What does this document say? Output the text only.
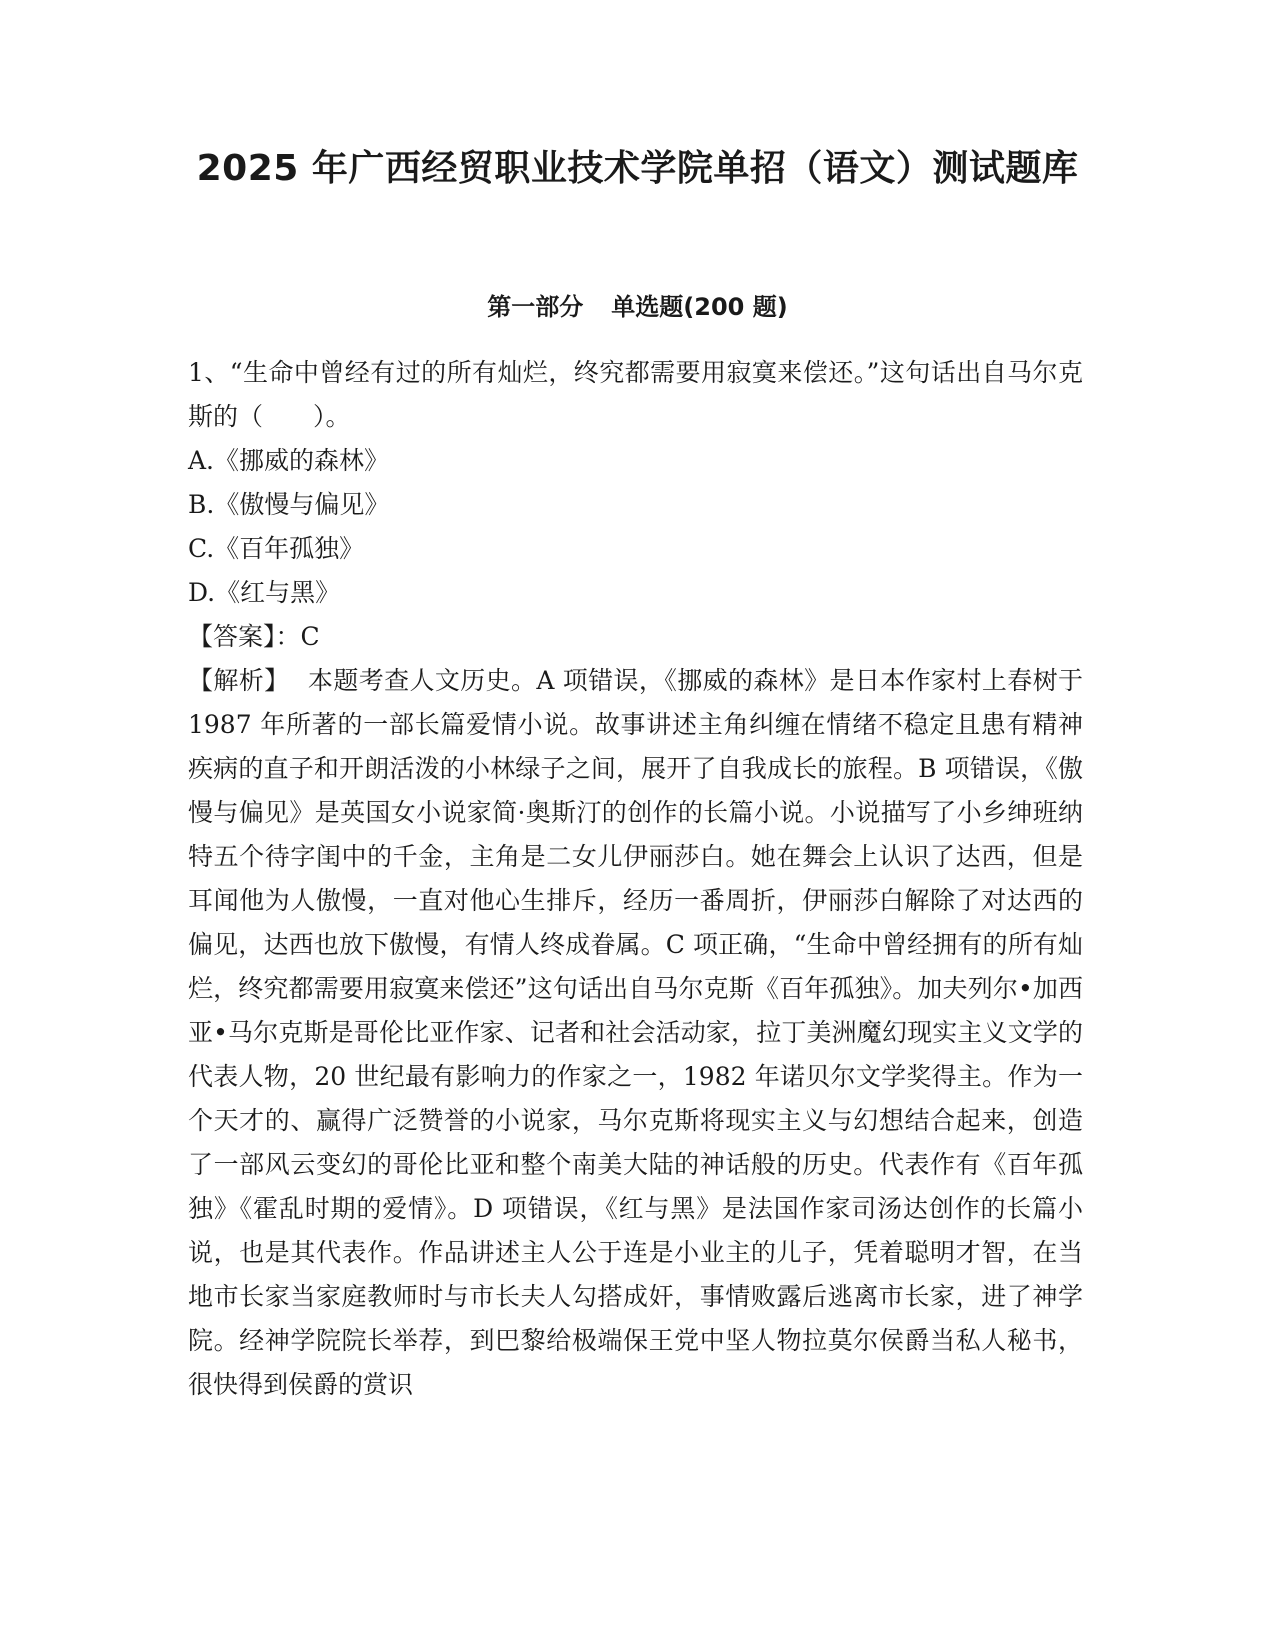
2025 年广西经贸职业技术学院单招（语文）测试题库
第一部分 单选题(200 题)

1、“生命中曾经有过的所有灿烂，终究都需要用寂寞来偿还。”这句话出自马尔克斯的（　　）。

A.《挪威的森林》

B.《傲慢与偏见》

C.《百年孤独》

D.《红与黑》

【答案】：C

【解析】 本题考查人文历史。A 项错误，《挪威的森林》是日本作家村上春树于 1987 年所著的一部长篇爱情小说。故事讲述主角纠缠在情绪不稳定且患有精神疾病的直子和开朗活泼的小林绿子之间，展开了自我成长的旅程。B 项错误，《傲慢与偏见》是英国女小说家简·奥斯汀的创作的长篇小说。小说描写了小乡绅班纳特五个待字闺中的千金，主角是二女儿伊丽莎白。她在舞会上认识了达西，但是耳闻他为人傲慢，一直对他心生排斥，经历一番周折，伊丽莎白解除了对达西的偏见，达西也放下傲慢，有情人终成眷属。C 项正确，“生命中曾经拥有的所有灿烂，终究都需要用寂寞来偿还”这句话出自马尔克斯《百年孤独》。加夫列尔•加西亚•马尔克斯是哥伦比亚作家、记者和社会活动家，拉丁美洲魔幻现实主义文学的代表人物，20 世纪最有影响力的作家之一，1982 年诺贝尔文学奖得主。作为一个天才的、赢得广泛赞誉的小说家，马尔克斯将现实主义与幻想结合起来，创造了一部风云变幻的哥伦比亚和整个南美大陆的神话般的历史。代表作有《百年孤独》《霍乱时期的爱情》。D 项错误，《红与黑》是法国作家司汤达创作的长篇小说，也是其代表作。作品讲述主人公于连是小业主的儿子，凭着聪明才智，在当地市长家当家庭教师时与市长夫人勾搭成奸，事情败露后逃离市长家，进了神学院。经神学院院长举荐，到巴黎给极端保王党中坚人物拉莫尔侯爵当私人秘书，很快得到侯爵的赏识
